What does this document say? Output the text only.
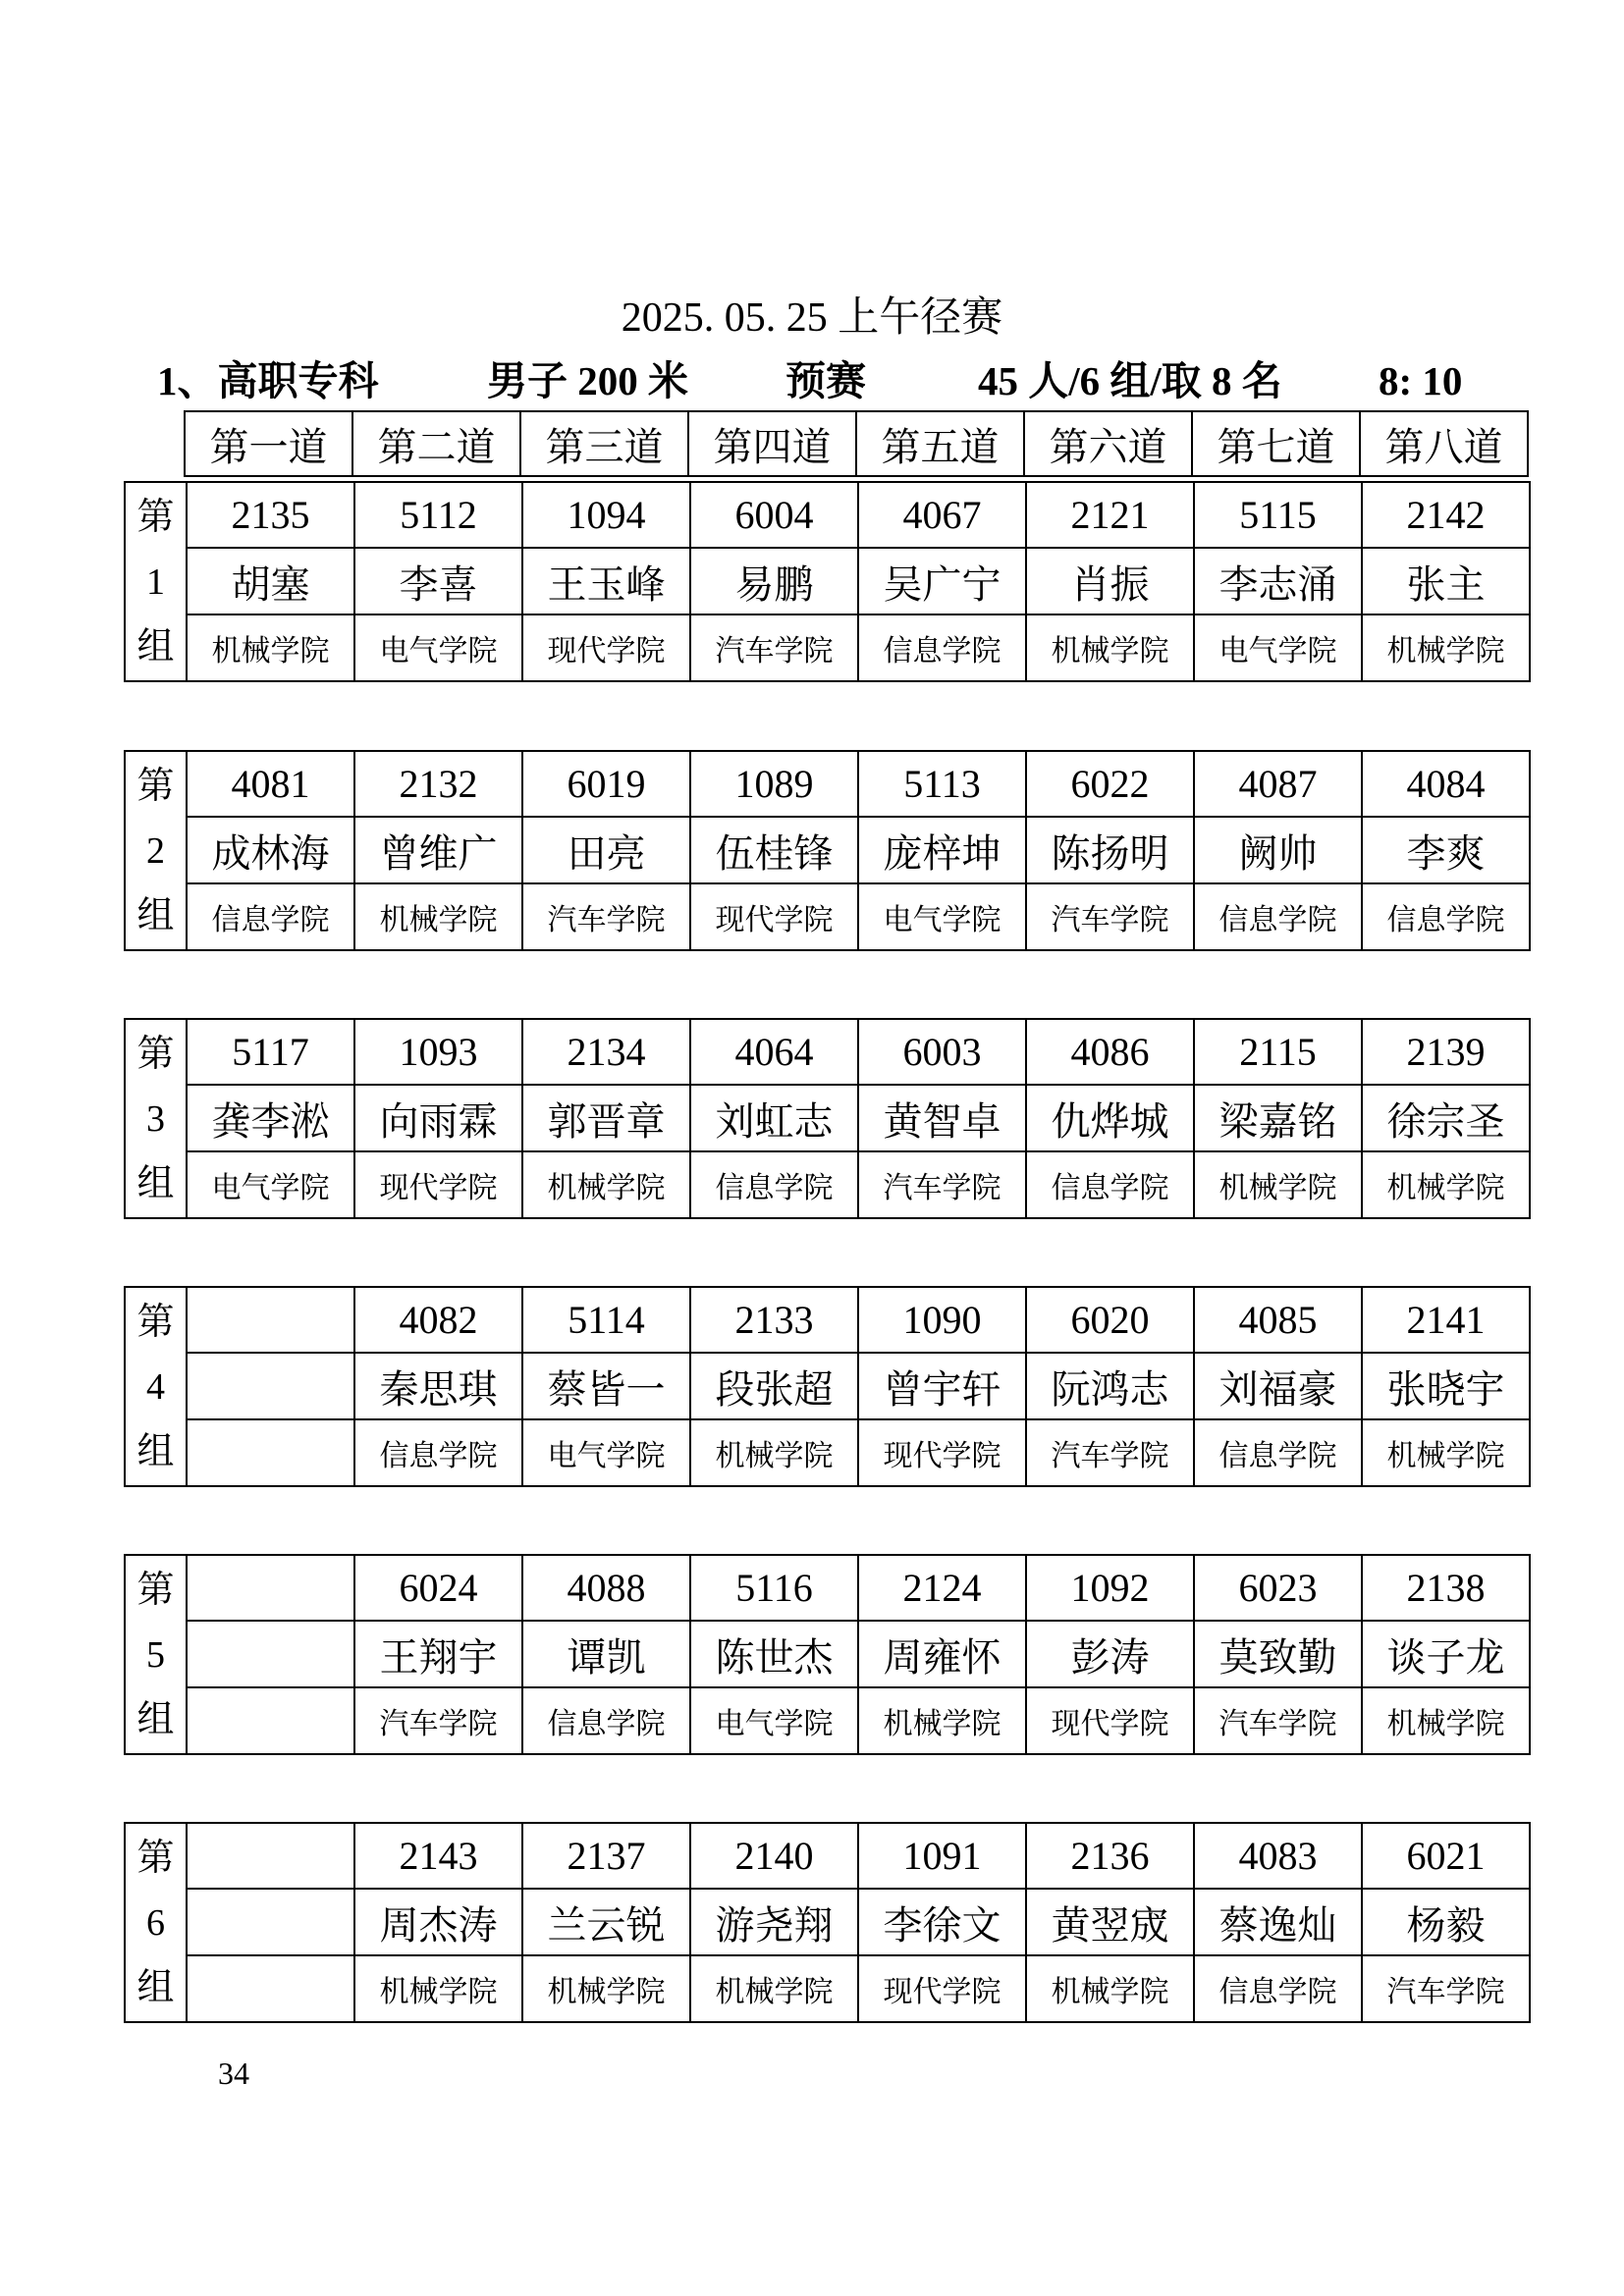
2025. 05. 25 上午径赛
1、高职专科	男子 200 米 预赛	45 人/6 组/取 8 名 8: 10
第一道	第二道	第三道	第四道	第五道	第六道	第七道	第八道
第
1
组	2135	5112	1094	6004	4067	2121	5115	2142
	胡塞	李喜	王玉峰	易鹏	吴广宁	肖振	李志涌	张主
	机械学院	电气学院	现代学院	汽车学院	信息学院	机械学院	电气学院	机械学院
第
2
组	4081	2132	6019	1089	5113	6022	4087	4084
	成林海	曾维广	田亮	伍桂锋	庞梓坤	陈扬明	阙帅	李爽
	信息学院	机械学院	汽车学院	现代学院	电气学院	汽车学院	信息学院	信息学院
第
3
组	5117	1093	2134	4064	6003	4086	2115	2139
	龚李淞	向雨霖	郭晋章	刘虹志	黄智卓	仇烨城	梁嘉铭	徐宗圣
	电气学院	现代学院	机械学院	信息学院	汽车学院	信息学院	机械学院	机械学院
第
4
组		4082	5114	2133	1090	6020	4085	2141
		秦思琪	蔡皆一	段张超	曾宇轩	阮鸿志	刘福豪	张晓宇
		信息学院	电气学院	机械学院	现代学院	汽车学院	信息学院	机械学院
第
5
组		6024	4088	5116	2124	1092	6023	2138
		王翔宇	谭凯	陈世杰	周雍怀	彭涛	莫致勤	谈子龙
		汽车学院	信息学院	电气学院	机械学院	现代学院	汽车学院	机械学院
第
6
组		2143	2137	2140	1091	2136	4083	6021
		周杰涛	兰云锐	游尧翔	李徐文	黄翌宬	蔡逸灿	杨毅
		机械学院	机械学院	机械学院	现代学院	机械学院	信息学院	汽车学院
34
